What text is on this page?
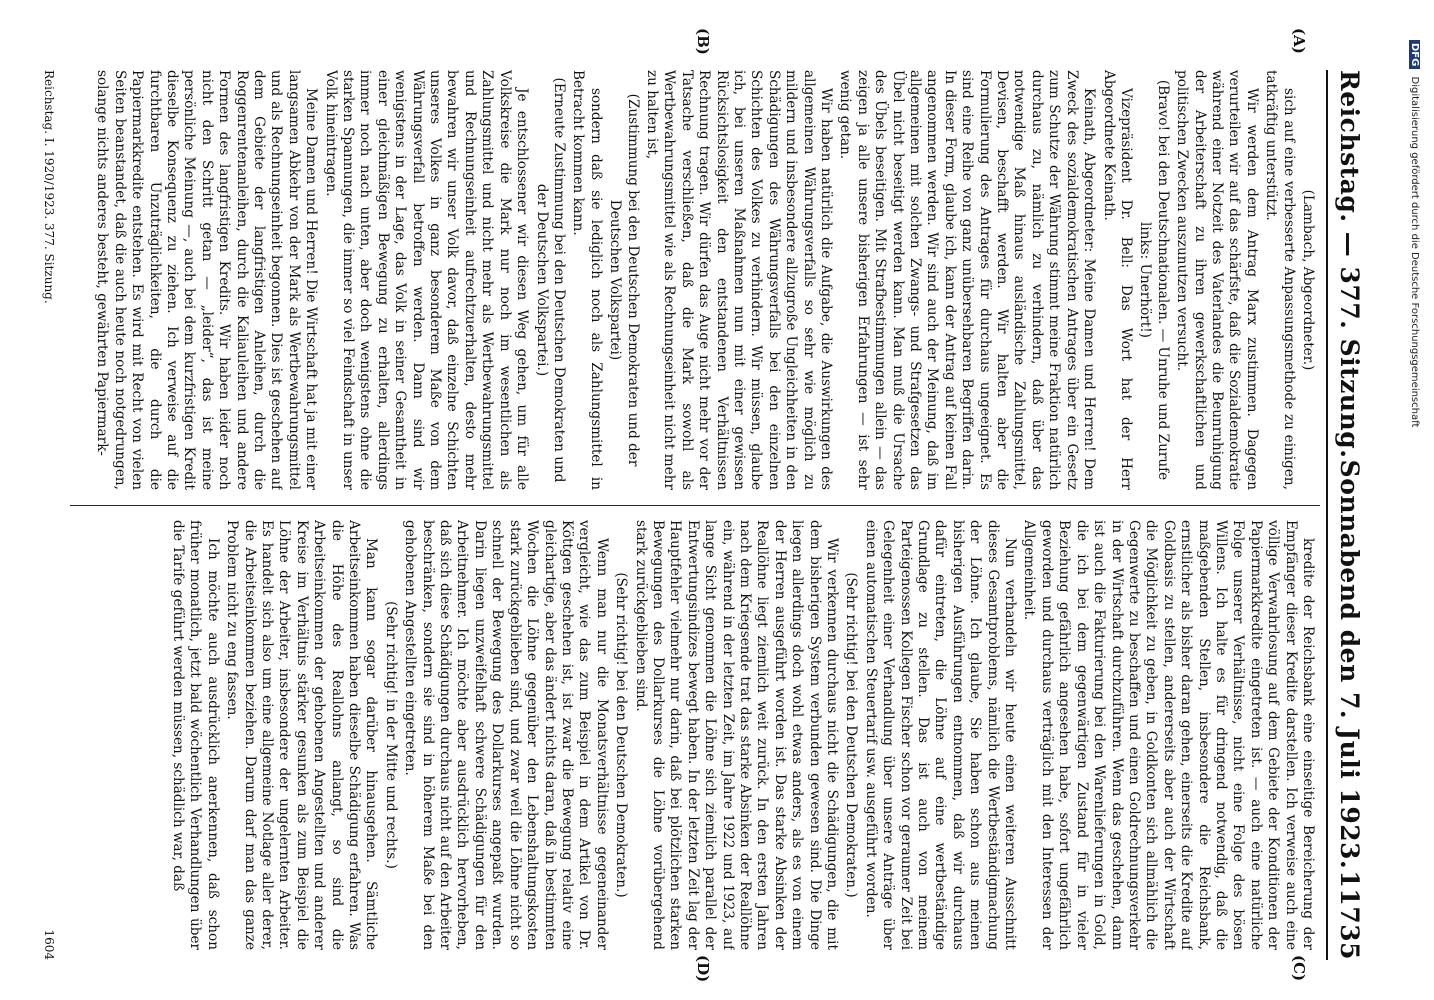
Reichstag. — 377. Sitzung.
Sonnabend den 7. Juli 1923.
11735
(A)
(B)
(C)
(D)

(Lambach, Abgeordneter.)

sich auf eine verbesserte Anpassungsmethode zu einigen, tatkräftig unterstützt.

Wir werden dem Antrag Marx zustimmen. Dagegen verurteilen wir auf das schärfste, daß die Sozialdemokratie während einer Notzeit des Vaterlandes die Beunruhigung der Arbeiterschaft zu ihren gewerkschaftlichen und politischen Zwecken auszunutzen versucht.

(Bravo! bei den Deutschnationalen. — Unruhe und Zurufe links: Unerhört!)

Vizepräsident Dr. Bell: Das Wort hat der Herr Abgeordnete Keinath.

Keinath, Abgeordneter: Meine Damen und Herren! Dem Zweck des sozialdemokratischen Antrages über ein Gesetz zum Schutze der Währung stimmt meine Fraktion natürlich durchaus zu, nämlich zu verhindern, daß über das notwendige Maß hinaus ausländische Zahlungsmittel, Devisen, beschafft werden. Wir halten aber die Formulierung des Antrages für durchaus ungeeignet. Es sind eine Reihe von ganz unübersehbaren Begriffen darin. In dieser Form, glaube ich, kann der Antrag auf keinen Fall angenommen werden. Wir sind auch der Meinung, daß im allgemeinen mit solchen Zwangs- und Strafgesetzen das Übel nicht beseitigt werden kann. Man muß die Ursache des Übels beseitigen. Mit Strafbestimmungen allein — das zeigen ja alle unsere bisherigen Erfahrungen — ist sehr wenig getan.

Wir haben natürlich die Aufgabe, die Auswirkungen des allgemeinen Währungsverfalls so sehr wie möglich zu mildern und insbesondere allzugroße Ungleichheiten in den Schädigungen des Währungsverfalls bei den einzelnen Schichten des Volkes zu verhindern. Wir müssen, glaube ich, bei unseren Maßnahmen nun mit einer gewissen Rücksichtslosigkeit den entstandenen Verhältnissen Rechnung tragen. Wir dürfen das Auge nicht mehr vor der Tatsache verschließen, daß die Mark sowohl als Wertbewahrungsmittel wie als Rechnungseinheit nicht mehr zu halten ist,

(Zustimmung bei den Deutschen Demokraten und der Deutschen Volkspartei)

sondern daß sie lediglich noch als Zahlungsmittel in Betracht kommen kann.

(Erneute Zustimmung bei den Deutschen Demokraten und der Deutschen Volkspartei.)

Je entschlossener wir diesen Weg gehen, um für alle Volkskreise die Mark nur noch im wesentlichen als Zahlungsmittel und nicht mehr als Wertbewahrungsmittel und Rechnungseinheit aufrechtzuerhalten, desto mehr bewahren wir unser Volk davor, daß einzelne Schichten unseres Volkes in ganz besonderem Maße von dem Währungsverfall betroffen werden. Dann sind wir wenigstens in der Lage, das Volk in seiner Gesamtheit in einer gleichmäßigen Bewegung zu erhalten, allerdings immer noch nach unten, aber doch wenigstens ohne die starken Spannungen, die immer so viel Feindschaft in unser Volk hineintragen.

Meine Damen und Herren! Die Wirtschaft hat ja mit einer langsamen Abkehr von der Mark als Wertbewahrungsmittel und als Rechnungseinheit begonnen. Dies ist geschehen auf dem Gebiete der langfristigen Anleihen, durch die Roggenrentenanleihen, durch die Kaliauleihen und andere Formen des langfristigen Kredits. Wir haben leider noch nicht den Schritt getan — „leider“, das ist meine persönliche Meinung —, auch bei dem kurzfristigen Kredit dieselbe Konsequenz zu ziehen. Ich verweise auf die furchtbaren Unzuträglichkeiten, die durch die Papiermarkkredite entstehen. Es wird mit Recht von vielen Seiten beanstandet, daß die auch heute noch notgedrungen, solange nichts anderes besteht, gewährten Papiermark-

kredite der Reichsbank eine einseitige Bereicherung der Empfänger dieser Kredite darstellen. Ich verweise auch eine völlige Verwahrlosung auf dem Gebiete der Konditionen der Papiermarkkredite eingetreten ist. — auch eine natürliche Folge unserer Verhältnisse, nicht eine Folge des bösen Willens. Ich halte es für dringend notwendig, daß die maßgebenden Stellen, insbesondere die Reichsbank, ernstlicher als bisher daran gehen, einerseits die Kredite auf Goldbasis zu stellen, andererseits aber auch der Wirtschaft die Möglichkeit zu geben, in Goldkonten sich allmählich die Gegenwerte zu beschaffen und einen Goldrechnungsverkehr in der Wirtschaft durchzuführen. Wenn das geschehen, dann ist auch die Fakturierung bei den Warenlieferungen in Gold, die ich bei dem gegenwärtigen Zustand für in vieler Beziehung gefährlich angesehen habe, sofort ungefährlich geworden und durchaus verträglich mit den Interessen der Allgemeinheit.

Nun verhandeln wir heute einen weiteren Ausschnitt dieses Gesamtproblems, nämlich die Wertbeständigmachung der Löhne. Ich glaube, Sie haben schon aus meinen bisherigen Ausführungen entnommen, daß wir durchaus dafür eintreten, die Löhne auf eine wertbeständige Grundlage zu stellen. Das ist auch von meinem Parteigenossen Kollegen Fischer schon vor geraumer Zeit bei Gelegenheit einer Verhandlung über unsere Anträge über einen automatischen Steuertarif usw. ausgeführt worden.

(Sehr richtig! bei den Deutschen Demokraten.)

Wir verkennen durchaus nicht die Schädigungen, die mit dem bisherigen System verbunden gewesen sind. Die Dinge liegen allerdings doch wohl etwas anders, als es von einem der Herren ausgeführt worden ist. Das starke Absinken der Reallöhne liegt ziemlich weit zurück. In den ersten Jahren nach dem Kriegsende trat das starke Absinken der Reallöhne ein, während in der letzten Zeit, im Jahre 1922 und 1923, auf lange Sicht genommen die Löhne sich ziemlich parallel der Entwertungsindizes bewegt haben. In der letzten Zeit lag der Hauptfehler vielmehr nur darin, daß bei plötzlichen starken Bewegungen des Dollarkurses die Löhne vorübergehend stark zurückgeblieben sind.

(Sehr richtig! bei den Deutschen Demokraten.)

Wenn man nur die Monatsverhältnisse gegeneinander vergleicht, wie das zum Beispiel in dem Artikel von Dr. Köttgen geschehen ist, ist zwar die Bewegung relativ eine gleichartige, aber das ändert nichts daran, daß in bestimmten Wochen die Löhne gegenüber den Lebenshaltungskosten stark zurückgeblieben sind, und zwar weil die Löhne nicht so schnell der Bewegung des Dollarkurses angepaßt wurden. Darin liegen unzweifelhaft schwere Schädigungen für den Arbeitnehmer. Ich möchte aber ausdrücklich hervorheben, daß sich diese Schädigungen durchaus nicht auf den Arbeiter beschränken, sondern sie sind in höherem Maße bei den gehobenen Angestellten eingetreten.

(Sehr richtig! in der Mitte und rechts.)

Man kann sogar darüber hinausgehen. Sämtliche Arbeitseinkommen haben dieselbe Schädigung erfahren. Was die Höhe des Reallohns anlangt, so sind die Arbeitseinkommen der gehobenen Angestellten und anderer Kreise im Verhältnis stärker gesunken als zum Beispiel die Löhne der Arbeiter, insbesondere der ungelernten Arbeiter. Es handelt sich also um eine allgemeine Notlage aller derer, die Arbeitseinkommen beziehen. Darum darf man das ganze Problem nicht zu eng fassen.

Ich möchte auch ausdrücklich anerkennen, daß schon früher monatlich, jetzt bald wöchentlich Verhandlungen über die Tarife geführt werden müssen, schädlich war, daß

Reichstag. I. 1920/1923. 377. Sitzung.
1604
DFG Digitalisierung gefördert durch die Deutsche Forschungsgemeinschaft
